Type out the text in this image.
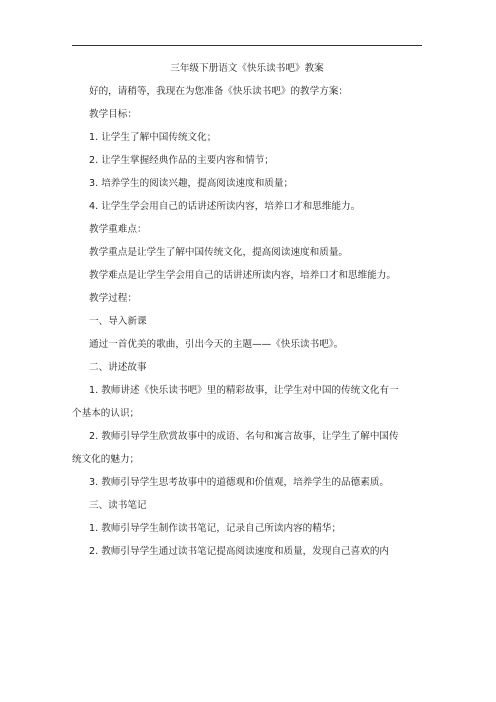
三年级下册语文《快乐读书吧》教案

好的，请稍等，我现在为您准备《快乐读书吧》的教学方案：

教学目标：

1. 让学生了解中国传统文化；

2. 让学生掌握经典作品的主要内容和情节；

3. 培养学生的阅读兴趣，提高阅读速度和质量；

4. 让学生学会用自己的话讲述所读内容，培养口才和思维能力。

教学重难点：

教学重点是让学生了解中国传统文化，提高阅读速度和质量。

教学难点是让学生学会用自己的话讲述所读内容，培养口才和思维能力。

教学过程：

一、导入新课

通过一首优美的歌曲，引出今天的主题——《快乐读书吧》。

二、讲述故事

1. 教师讲述《快乐读书吧》里的精彩故事，让学生对中国的传统文化有一

个基本的认识；

2. 教师引导学生欣赏故事中的成语、名句和寓言故事，让学生了解中国传

统文化的魅力；

3. 教师引导学生思考故事中的道德观和价值观，培养学生的品德素质。

三、读书笔记

1. 教师引导学生制作读书笔记，记录自己所读内容的精华；

2. 教师引导学生通过读书笔记提高阅读速度和质量，发现自己喜欢的内
